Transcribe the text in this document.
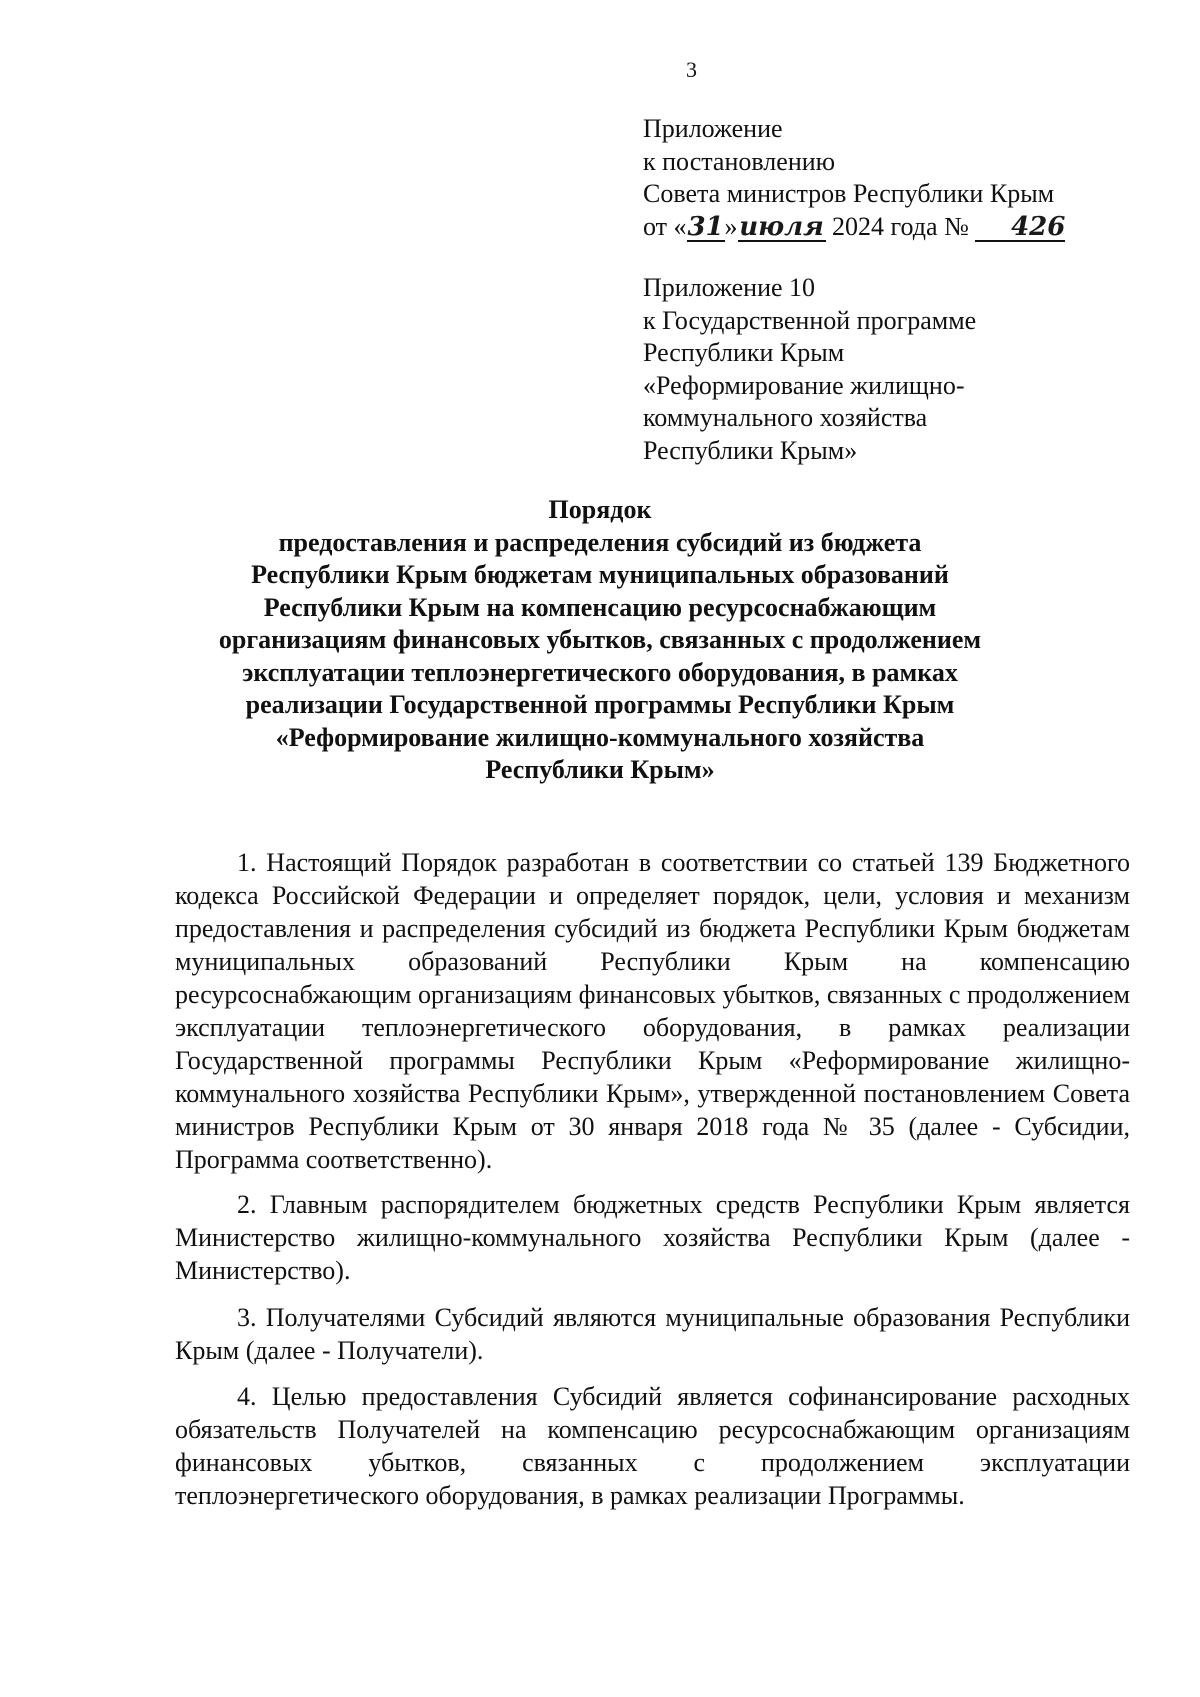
3
Приложение
к постановлению
Совета министров Республики Крым
от «31»июля 2024 года № 426
Приложение 10
к Государственной программе
Республики Крым
«Реформирование жилищно-
коммунального хозяйства
Республики Крым»
Порядок
предоставления и распределения субсидий из бюджета
Республики Крым бюджетам муниципальных образований
Республики Крым на компенсацию ресурсоснабжающим
организациям финансовых убытков, связанных с продолжением
эксплуатации теплоэнергетического оборудования, в рамках
реализации Государственной программы Республики Крым
«Реформирование жилищно-коммунального хозяйства
Республики Крым»

1. Настоящий Порядок разработан в соответствии со статьей 139 Бюджетного кодекса Российской Федерации и определяет порядок, цели, условия и механизм предоставления и распределения субсидий из бюджета Республики Крым бюджетам муниципальных образований Республики Крым на компенсацию ресурсоснабжающим организациям финансовых убытков, связанных с продолжением эксплуатации теплоэнергетического оборудования, в рамках реализации Государственной программы Республики Крым «Реформирование жилищно-коммунального хозяйства Республики Крым», утвержденной постановлением Совета министров Республики Крым от 30 января 2018 года № 35 (далее - Субсидии, Программа соответственно).

2. Главным распорядителем бюджетных средств Республики Крым является Министерство жилищно-коммунального хозяйства Республики Крым (далее - Министерство).

3. Получателями Субсидий являются муниципальные образования Республики Крым (далее - Получатели).

4. Целью предоставления Субсидий является софинансирование расходных обязательств Получателей на компенсацию ресурсоснабжающим организациям финансовых убытков, связанных с продолжением эксплуатации теплоэнергетического оборудования, в рамках реализации Программы.
